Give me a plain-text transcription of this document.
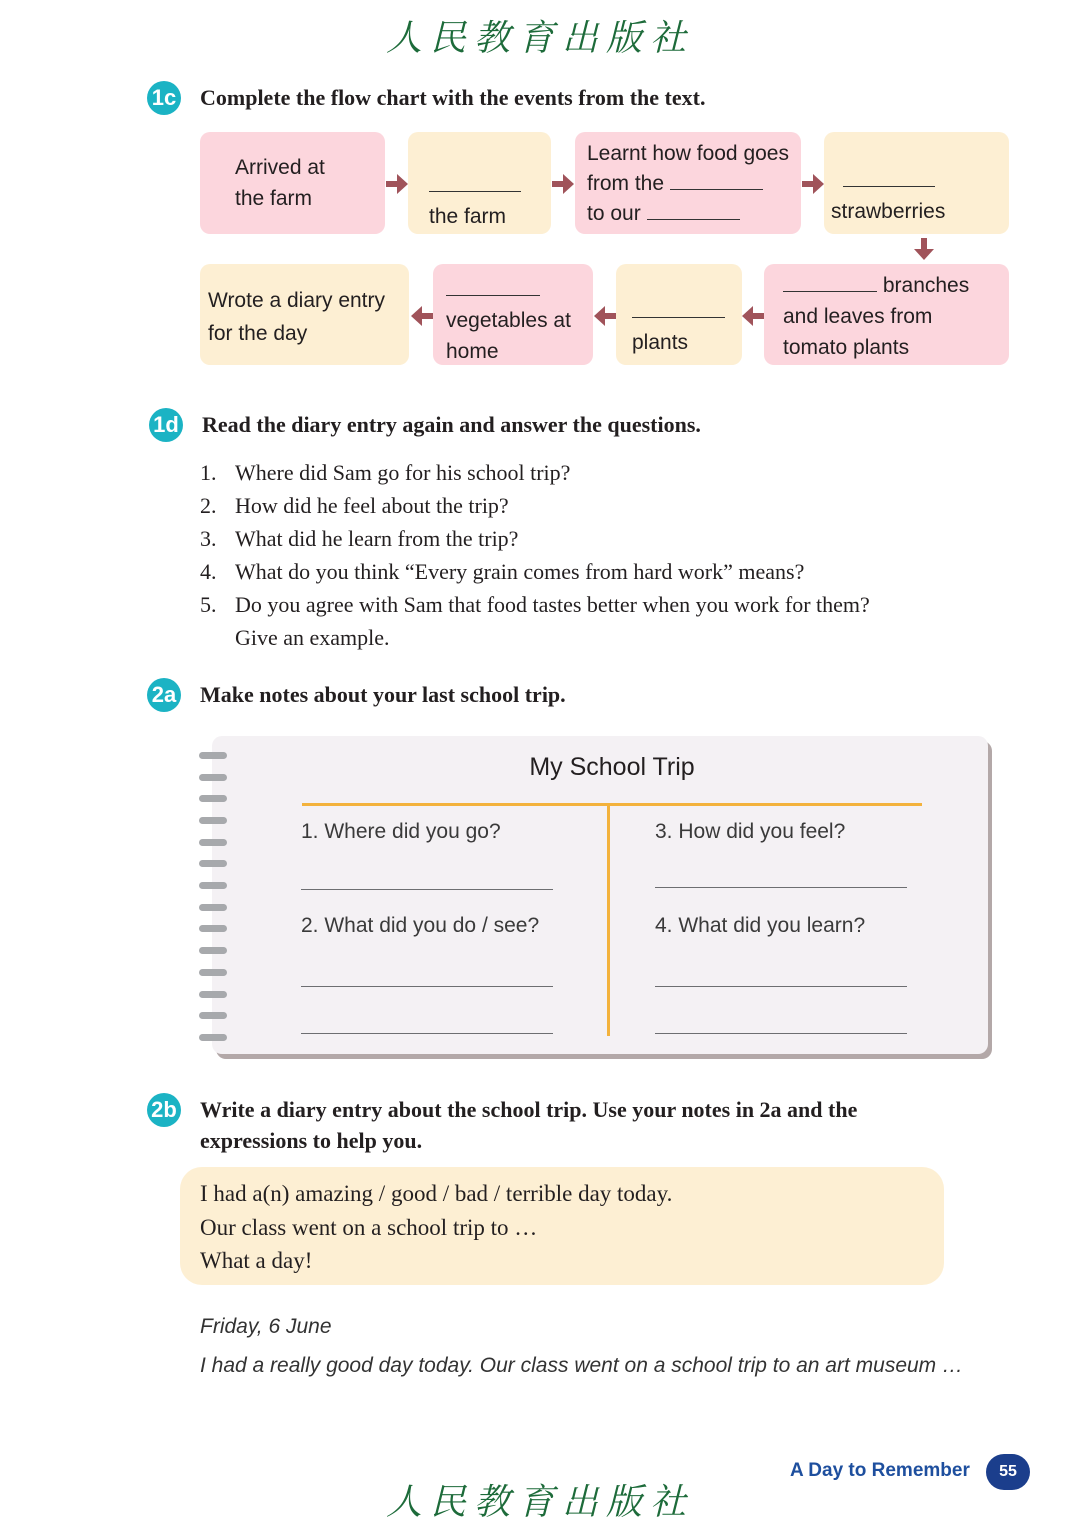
人民教育出版社
1c Complete the flow chart with the events from the text.
Arrived at
the farm
the farm
Learnt how food goes
from the
to our	strawberries
branches
and leaves from
tomato plants
plants
vegetables at
home
Wrote a diary entry
for the day
1d Read the diary entry again and answer the questions.
1. Where did Sam go for his school trip?
2. How did he feel about the trip?
3. What did he learn from the trip?
4. What do you think “Every grain comes from hard work” means?
5. Do you agree with Sam that food tastes better when you work for them?
Give an example.
2a Make notes about your last school trip.
My School Trip
1. Where did you go?
2. What did you do / see?
3. How did you feel?
4. What did you learn?
2b Write a diary entry about the school trip. Use your notes in 2a and the
expressions to help you.
I had a(n) amazing / good / bad / terrible day today.
Our class went on a school trip to …
What a day!
Friday, 6 June
I had a really good day today. Our class went on a school trip to an art museum …
人民教育出版社
A Day to Remember	55
